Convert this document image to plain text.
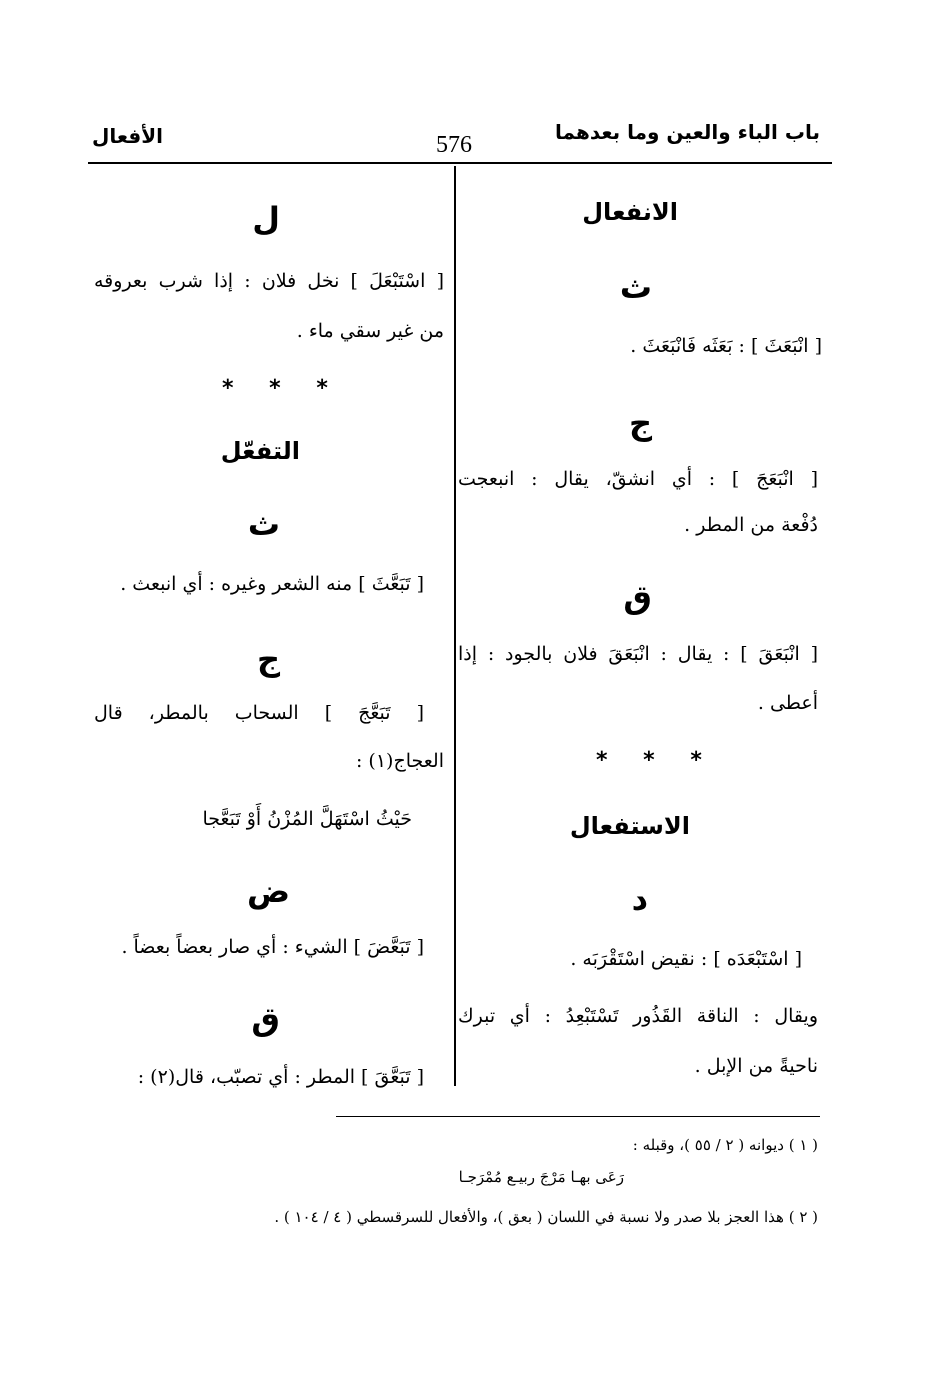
باب الباء والعين وما بعدهما
576
الأفعال
الانفعال
ث
[ انْبَعَثَ ] : بَعَثَه فَانْبَعَثَ .
ج
[ انْبَعَجَ ] : أي انشقّ، يقال : انبعجت
دُفْعة من المطر .
ق
[ انْبَعَقَ ] : يقال : انْبَعَقَ فلان بالجود : إذا
أعطى .
* * *
الاستفعال
د
[ اسْتَبْعَدَه ] : نقيض اسْتَقْرَبَه .
ويقال : الناقة القَذُور تَسْتَبْعِدُ : أي تبرك
ناحيةً من الإبل .
ل
[ اسْتَبْعَلَ ] نخل فلان : إذا شرب بعروقه
من غير سقي ماء .
* * *
التفعّل
ث
[ تَبَعَّثَ ] منه الشعر وغيره : أي انبعث .
ج
[ تَبَعَّجَ ] السحاب بالمطر، قال
العجاج(١) :
حَيْثُ اسْتَهَلَّ المُزْنُ أَوْ تَبَعَّجا
ض
[ تَبَعَّضَ ] الشيء : أي صار بعضاً بعضاً .
ق
[ تَبَعَّقَ ] المطر : أي تصبّب، قال(٢) :
( ١ ) ديوانه ( ٢ / ٥٥ )، وقبله :
رَعَى بهـا مَرْجَ ربيـع مُمْرَجـا
( ٢ ) هذا العجز بلا صدر ولا نسبة في اللسان ( بعق )، والأفعال للسرقسطي ( ٤ / ١٠٤ ) .
